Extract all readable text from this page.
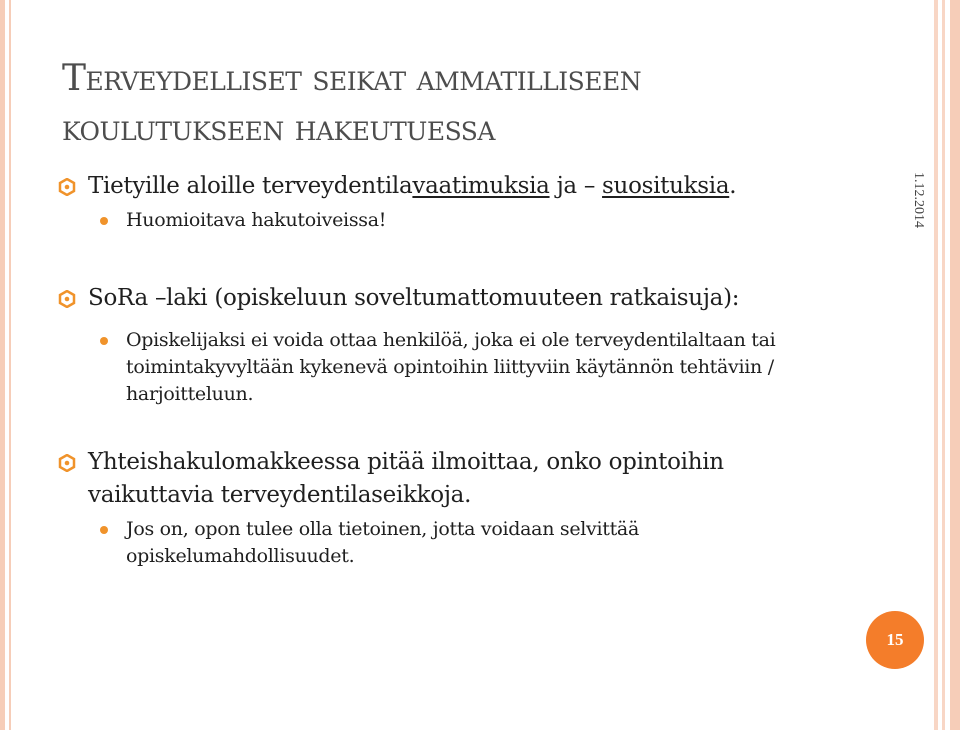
Terveydelliset seikat ammatilliseen
koulutukseen hakeutuessa
1.12.2014
Tietyille aloille terveydentilavaatimuksia ja – suosituksia.
Huomioitava hakutoiveissa!
SoRa –laki (opiskeluun soveltumattomuuteen ratkaisuja):
Opiskelijaksi ei voida ottaa henkilöä, joka ei ole terveydentilaltaan tai toimintakyvyltään kykenevä opintoihin liittyviin käytännön tehtäviin / harjoitteluun.
Yhteishakulomakkeessa pitää ilmoittaa, onko opintoihin vaikuttavia terveydentilaseikkoja.
Jos on, opon tulee olla tietoinen, jotta voidaan selvittää opiskelumahdollisuudet.
15
